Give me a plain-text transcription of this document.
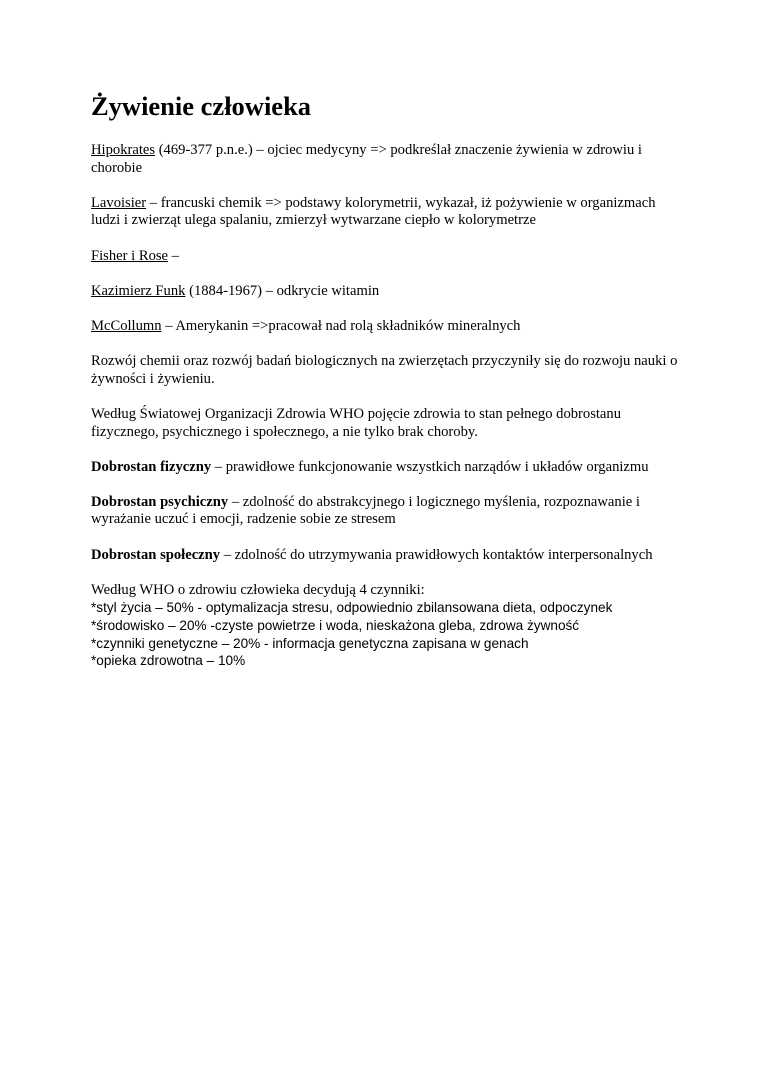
Żywienie człowieka

Hipokrates (469-377 p.n.e.) – ojciec medycyny => podkreślał znaczenie żywienia w zdrowiu i chorobie

Lavoisier – francuski chemik => podstawy kolorymetrii, wykazał, iż pożywienie w organizmach ludzi i zwierząt ulega spalaniu, zmierzył wytwarzane ciepło w kolorymetrze

Fisher i Rose –

Kazimierz Funk (1884-1967) – odkrycie witamin

McCollumn – Amerykanin =>pracował nad rolą składników mineralnych

Rozwój chemii oraz rozwój badań biologicznych na zwierzętach przyczyniły się do rozwoju nauki o żywności i żywieniu.

Według Światowej Organizacji Zdrowia WHO pojęcie zdrowia to stan pełnego dobrostanu fizycznego, psychicznego i społecznego, a nie tylko brak choroby.

Dobrostan fizyczny – prawidłowe funkcjonowanie wszystkich narządów i układów organizmu

Dobrostan psychiczny – zdolność do abstrakcyjnego i logicznego myślenia, rozpoznawanie i wyrażanie uczuć i emocji, radzenie sobie ze stresem

Dobrostan społeczny – zdolność do utrzymywania prawidłowych kontaktów interpersonalnych

Według WHO o zdrowiu człowieka decydują 4 czynniki:
*styl życia – 50% - optymalizacja stresu, odpowiednio zbilansowana dieta, odpoczynek
*środowisko – 20% -czyste powietrze i woda, nieskażona gleba, zdrowa żywność
*czynniki genetyczne – 20% - informacja genetyczna zapisana w genach
*opieka zdrowotna – 10%
